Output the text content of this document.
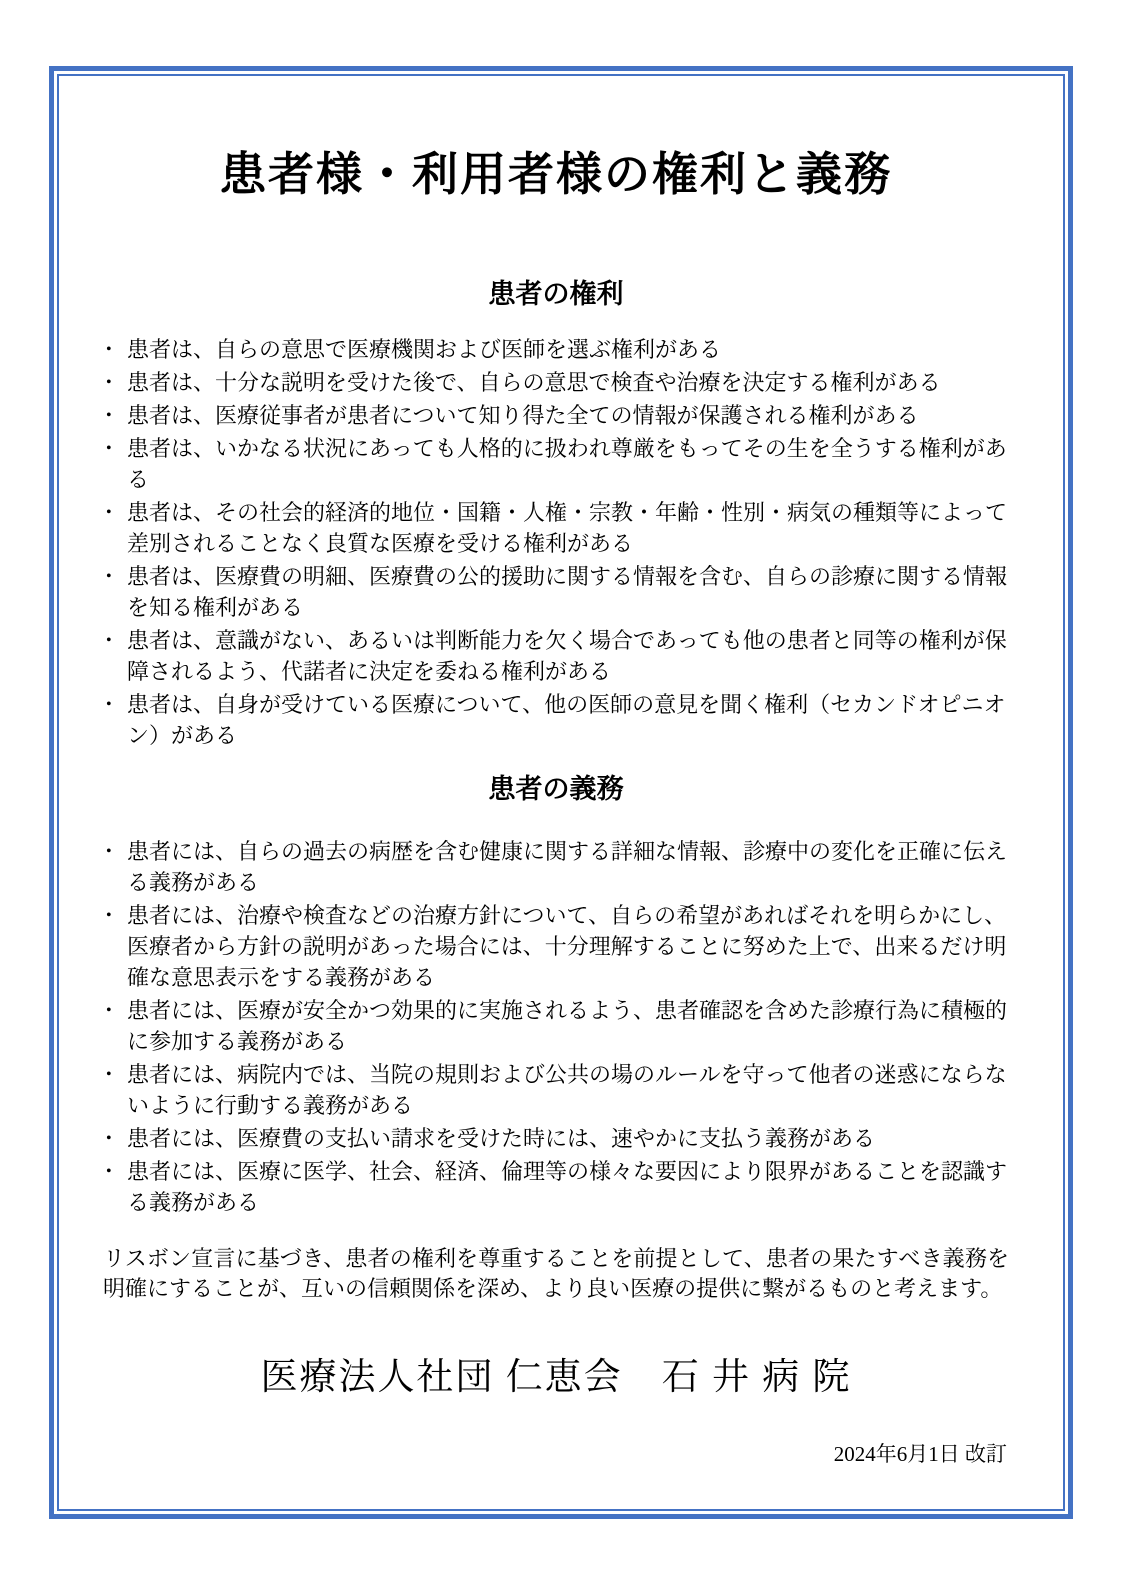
患者様・利用者様の権利と義務
患者の権利
• 患者は、自らの意思で医療機関および医師を選ぶ権利がある
• 患者は、十分な説明を受けた後で、自らの意思で検査や治療を決定する権利がある
• 患者は、医療従事者が患者について知り得た全ての情報が保護される権利がある
• 患者は、いかなる状況にあっても人格的に扱われ尊厳をもってその生を全うする権利がある
• 患者は、その社会的経済的地位・国籍・人権・宗教・年齢・性別・病気の種類等によって差別されることなく良質な医療を受ける権利がある
• 患者は、医療費の明細、医療費の公的援助に関する情報を含む、自らの診療に関する情報を知る権利がある
• 患者は、意識がない、あるいは判断能力を欠く場合であっても他の患者と同等の権利が保障されるよう、代諾者に決定を委ねる権利がある
• 患者は、自身が受けている医療について、他の医師の意見を聞く権利（セカンドオピニオン）がある
患者の義務
• 患者には、自らの過去の病歴を含む健康に関する詳細な情報、診療中の変化を正確に伝える義務がある
• 患者には、治療や検査などの治療方針について、自らの希望があればそれを明らかにし、医療者から方針の説明があった場合には、十分理解することに努めた上で、出来るだけ明確な意思表示をする義務がある
• 患者には、医療が安全かつ効果的に実施されるよう、患者確認を含めた診療行為に積極的に参加する義務がある
• 患者には、病院内では、当院の規則および公共の場のルールを守って他者の迷惑にならないように行動する義務がある
• 患者には、医療費の支払い請求を受けた時には、速やかに支払う義務がある
• 患者には、医療に医学、社会、経済、倫理等の様々な要因により限界があることを認識する義務がある

リスボン宣言に基づき、患者の権利を尊重することを前提として、患者の果たすべき義務を明確にすることが、互いの信頼関係を深め、より良い医療の提供に繋がるものと考えます。

医療法人社団 仁恵会　石 井 病 院
2024年6月1日 改訂
